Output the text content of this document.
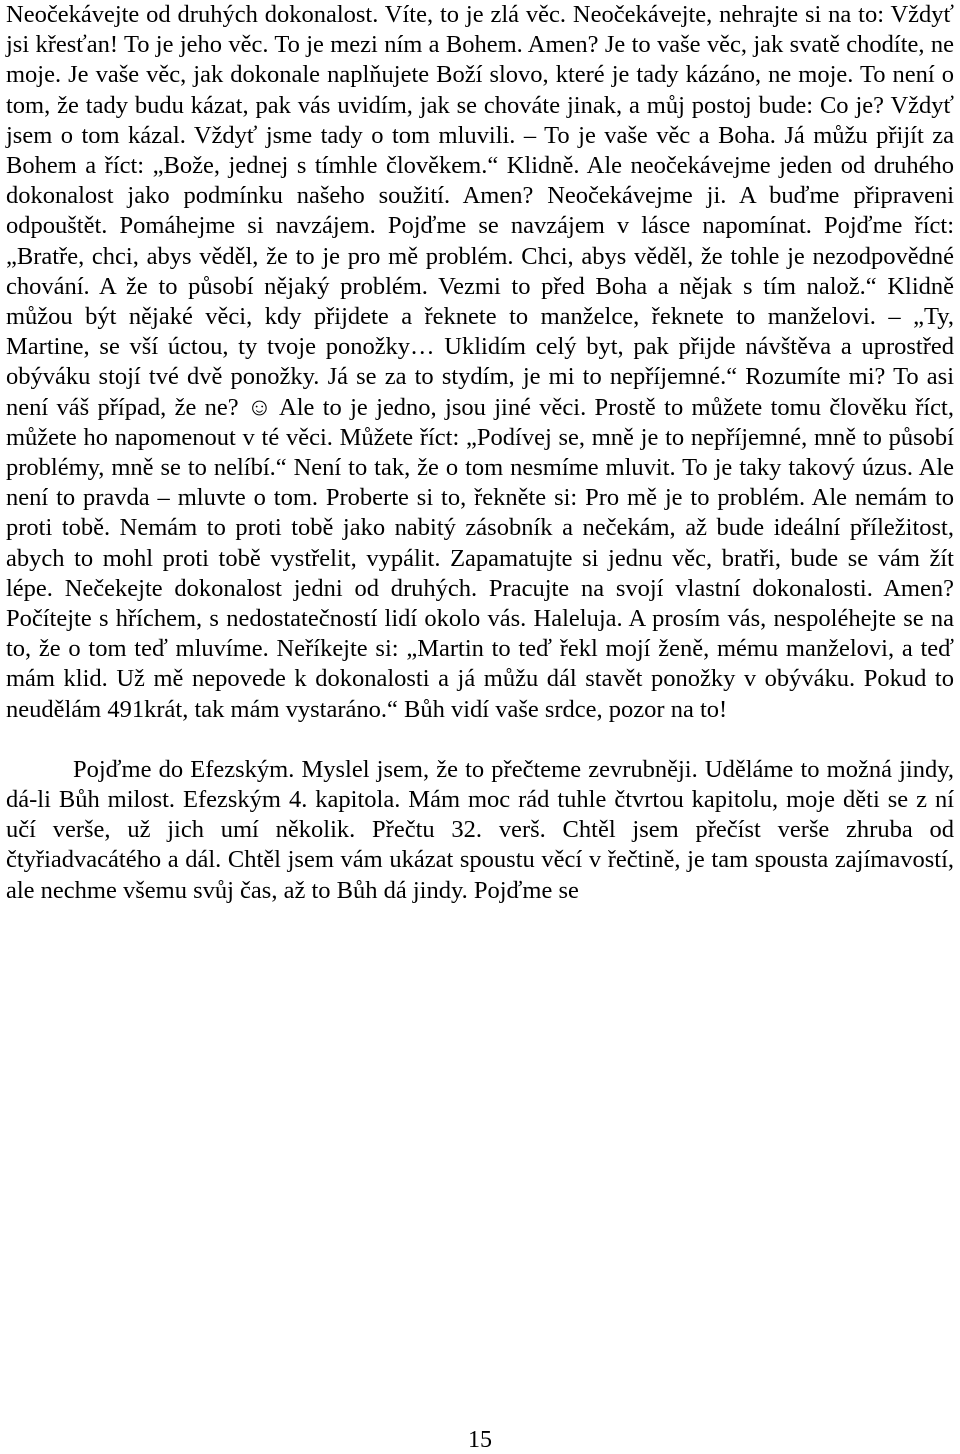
Neočekávejte od druhých dokonalost. Víte, to je zlá věc. Neočekávejte, nehrajte si na to: Vždyť jsi křesťan! To je jeho věc. To je mezi ním a Bohem. Amen? Je to vaše věc, jak svatě chodíte, ne moje. Je vaše věc, jak dokonale naplňujete Boží slovo, které je tady kázáno, ne moje. To není o tom, že tady budu kázat, pak vás uvidím, jak se chováte jinak, a můj postoj bude: Co je? Vždyť jsem o tom kázal. Vždyť jsme tady o tom mluvili. – To je vaše věc a Boha. Já můžu přijít za Bohem a říct: „Bože, jednej s tímhle člověkem.“ Klidně. Ale neočekávejme jeden od druhého dokonalost jako podmínku našeho soužití. Amen? Neočekávejme ji. A buďme připraveni odpouštět. Pomáhejme si navzájem. Pojďme se navzájem v lásce napomínat. Pojďme říct: „Bratře, chci, abys věděl, že to je pro mě problém. Chci, abys věděl, že tohle je nezodpovědné chování. A že to působí nějaký problém. Vezmi to před Boha a nějak s tím nalož.“ Klidně můžou být nějaké věci, kdy přijdete a řeknete to manželce, řeknete to manželovi. – „Ty, Martine, se vší úctou, ty tvoje ponožky… Uklidím celý byt, pak přijde návštěva a uprostřed obýváku stojí tvé dvě ponožky. Já se za to stydím, je mi to nepříjemné.“ Rozumíte mi? To asi není váš případ, že ne? ☺ Ale to je jedno, jsou jiné věci. Prostě to můžete tomu člověku říct, můžete ho napomenout v té věci. Můžete říct: „Podívej se, mně je to nepříjemné, mně to působí problémy, mně se to nelíbí.“ Není to tak, že o tom nesmíme mluvit. To je taky takový úzus. Ale není to pravda – mluvte o tom. Proberte si to, řekněte si: Pro mě je to problém. Ale nemám to proti tobě. Nemám to proti tobě jako nabitý zásobník a nečekám, až bude ideální příležitost, abych to mohl proti tobě vystřelit, vypálit. Zapamatujte si jednu věc, bratři, bude se vám žít lépe. Nečekejte dokonalost jedni od druhých. Pracujte na svojí vlastní dokonalosti. Amen? Počítejte s hříchem, s nedostatečností lidí okolo vás. Haleluja. A prosím vás, nespoléhejte se na to, že o tom teď mluvíme. Neříkejte si: „Martin to teď řekl mojí ženě, mému manželovi, a teď mám klid. Už mě nepovede k dokonalosti a já můžu dál stavět ponožky v obýváku. Pokud to neudělám 491krát, tak mám vystaráno.“ Bůh vidí vaše srdce, pozor na to!

Pojďme do Efezským. Myslel jsem, že to přečteme zevrubněji. Uděláme to možná jindy, dá-li Bůh milost. Efezským 4. kapitola. Mám moc rád tuhle čtvrtou kapitolu, moje děti se z ní učí verše, už jich umí několik. Přečtu 32. verš. Chtěl jsem přečíst verše zhruba od čtyřiadvacátého a dál. Chtěl jsem vám ukázat spoustu věcí v řečtině, je tam spousta zajímavostí, ale nechme všemu svůj čas, až to Bůh dá jindy. Pojďme se

15
